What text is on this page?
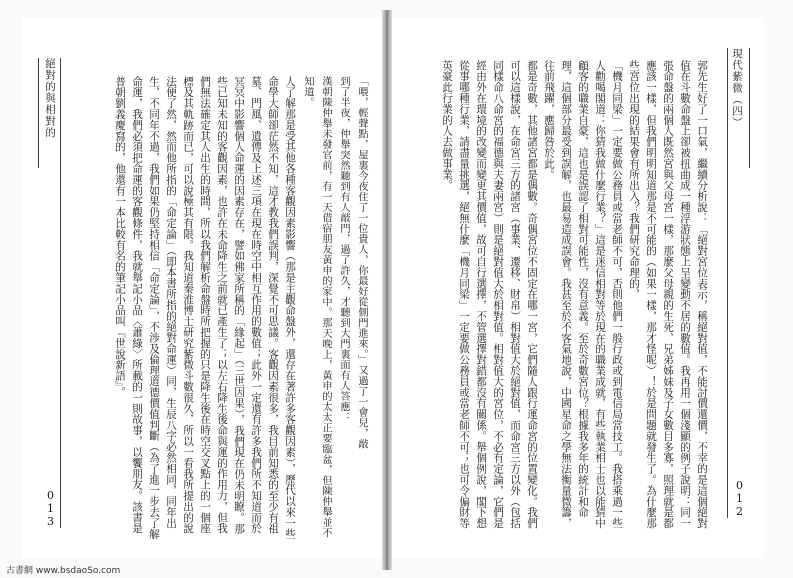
絕對的與相對的	「喂，輕聲點，屋裏今夜住了一位貴人，你最好從側門進來。」又過了一會兒，敲
到了半夜，仲舉突然聽到有人敲門，過了許久，才聽到大門裏面有人答應：
漢朝陳仲舉未發官前，有一天借宿朋友黃申的家中。那天晚上，黃申的太太正要臨盆，但陳仲舉並不知道。
人了解那是受其他各種客觀因素影響（那是主觀命盤外，還存在著許多客觀因素），歷代以來一些命學大師卻茫然不知，這才教我們誤判，深覺不可思議。客觀因素很多，我目前知悉的至少有祖墓、門風、遺傳及上述三項在現在時空中相互作用的數值；此外一定還有許多我們所不知道而於冥冥中影響個人命運的因素存在，譬如佛家所稱的「緣起」（三世因果），我們現在仍未明瞭。那些已知未知的客觀因素，也許在未命降生之前就已產生了；以左右降生後命與運的作用力，但我們無法確定其人出生的時間，所以我們解析命盤時所把握的只是降生後在時空交叉點上的一個座標及其軌跡而已，可以說極其有限。我知道秦淮博士研究紫微斗數很久，所以一看我所提出的說法便了然，然而他所指的「命定論」（即本書所指的絕對命運）同，生辰八字必然相同，同年出生，不同年不過，我們如果仍堅持相信「命定論」，不涉及倫理道德價值判斷（為了進一步去了解命運，我們必須把命運的客觀條件，我就舉記小品〈蕭綠〉所載的一則故事，以饗朋友。該書是普朝劉義慶寫的，他還有一本比較有名的筆記小品叫『世說新語』。
013
現代紫微（四）
郭先生好了一口氣，繼續分析說：「絕對宮位表示，稱絕對值，不能討價還價，不幸的是這個絕對值在斗數命盤上卻被扭曲成一種浮游狀態上呈變動不居的數值。我再用一個淺顯的例子說明：同一張命盤的兩個人既然宮與父母宮一樣，那麼父母親的生死、兄弟姊妹及子女數目多寡，照理就是都應該一樣，但我們明明知道那是不可能的（如果一樣，那才怪呢）！於是問題就發生了。為什麼那些宮位出現的結果會有所出入？我們研究命理的，
「機月同梁」一定要做公務員或當老師不可，否則他們一般行政或到電信局當技工。我搭乘過一些人勸喝閣道：你猜我做什麼行業？」這是迷信相對等於現在的職業成就，有些執業相士也以能猜中顧客的職業自豪，這也是誤認了相對可能性，沒有意義。至於奇數宮位？根據我多年的統計和命理，這個部分最受到誤解，也最易造成誤會。我甚至於不客氣地說，中國星命之學無法衡量微籌，往前飛躍，應歸咎於此。
都是奇數，其他諸宮都是偶數。奇偶宮位不固定在哪一宮，它們隨人跟行運命宮的位置變化。我們可以這樣說，在命宮三方的諸宮（事業、遷移、財帛）相對值大於絕對值，而命宮三方以外（包括同樣命八命宮的福德與夫妻兩宮）則是絕對值大於相對值。相對值大的宮位，不必有定論，它們是經由外在環境的改變而變更其價值，故可自行選擇，不管選擇對錯都沒有關係。舉個例說，閣下想從事哪種行業，請盡量挑選，絕無什麼「機月同梁」一定要做公務員或當老師不可；也可令偏財等英豪此行業的人去做事業。
012
古書網 www.bsdaoSo.com
